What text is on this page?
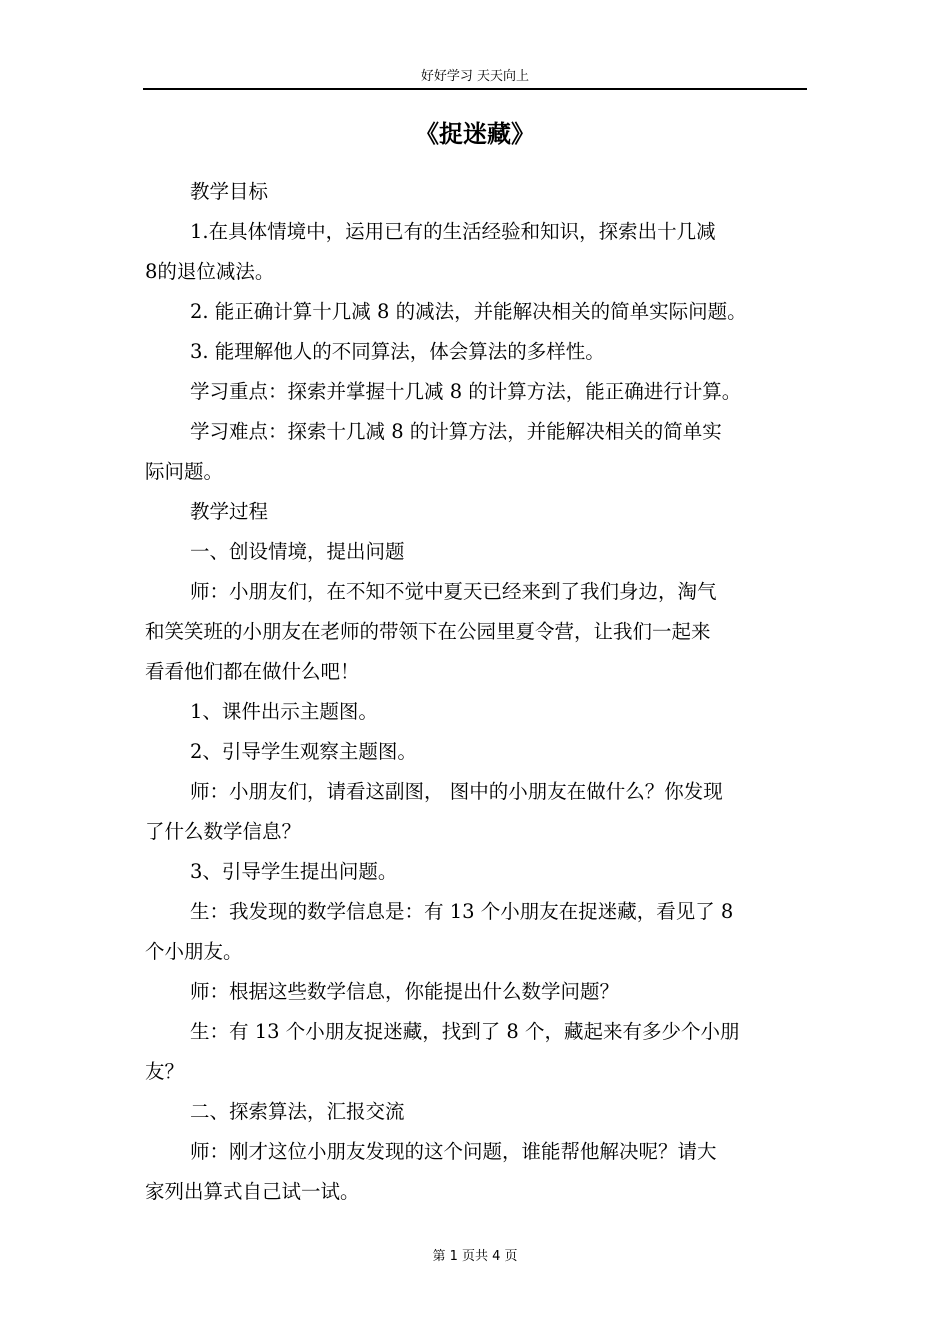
好好学习 天天向上
《捉迷藏》

教学目标

1.在具体情境中，运用已有的生活经验和知识，探索出十几减

8的退位减法。

2. 能正确计算十几减 8 的减法，并能解决相关的简单实际问题。

3. 能理解他人的不同算法，体会算法的多样性。

学习重点：探索并掌握十几减 8 的计算方法，能正确进行计算。

学习难点：探索十几减 8 的计算方法，并能解决相关的简单实

际问题。

教学过程

一、创设情境，提出问题

师：小朋友们，在不知不觉中夏天已经来到了我们身边，淘气

和笑笑班的小朋友在老师的带领下在公园里夏令营，让我们一起来

看看他们都在做什么吧！

1、课件出示主题图。

2、引导学生观察主题图。

师：小朋友们，请看这副图， 图中的小朋友在做什么？你发现

了什么数学信息？

3、引导学生提出问题。

生：我发现的数学信息是：有 13 个小朋友在捉迷藏，看见了 8

个小朋友。

师：根据这些数学信息，你能提出什么数学问题？

生：有 13 个小朋友捉迷藏，找到了 8 个，藏起来有多少个小朋

友？

二、探索算法，汇报交流

师：刚才这位小朋友发现的这个问题，谁能帮他解决呢？请大

家列出算式自己试一试。

第 1 页共 4 页
